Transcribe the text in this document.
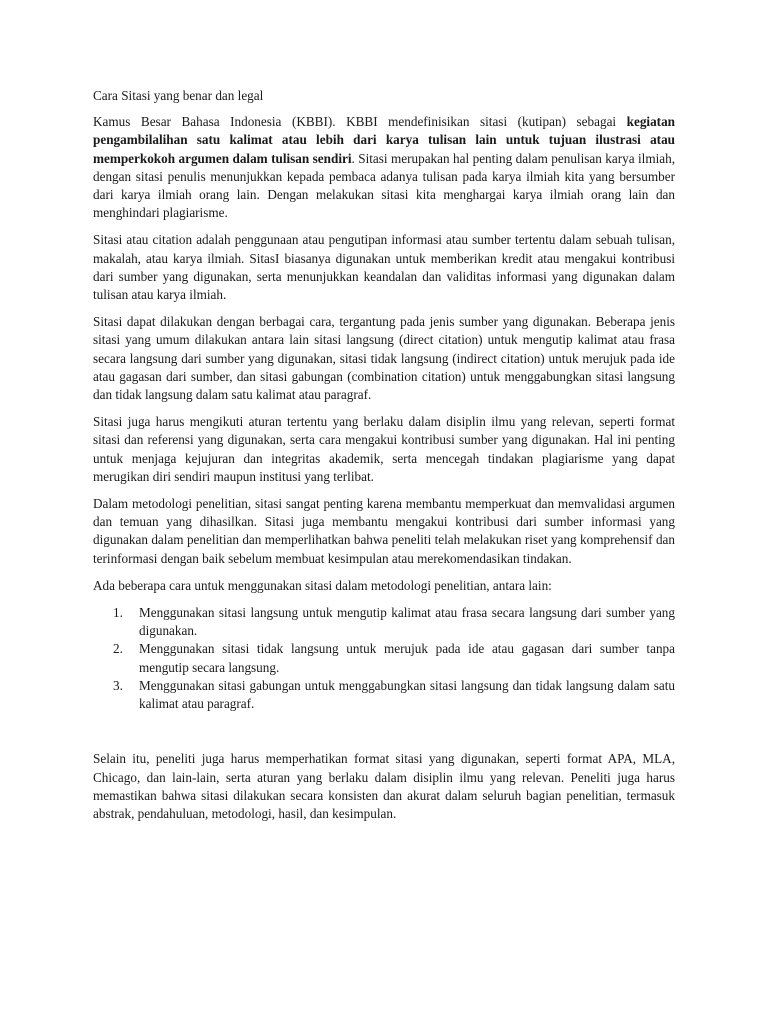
Cara Sitasi yang benar dan legal

Kamus Besar Bahasa Indonesia (KBBI). KBBI mendefinisikan sitasi (kutipan) sebagai kegiatan pengambilalihan satu kalimat atau lebih dari karya tulisan lain untuk tujuan ilustrasi atau memperkokoh argumen dalam tulisan sendiri. Sitasi merupakan hal penting dalam penulisan karya ilmiah, dengan sitasi penulis menunjukkan kepada pembaca adanya tulisan pada karya ilmiah kita yang bersumber dari karya ilmiah orang lain. Dengan melakukan sitasi kita menghargai karya ilmiah orang lain dan menghindari plagiarisme.

Sitasi atau citation adalah penggunaan atau pengutipan informasi atau sumber tertentu dalam sebuah tulisan, makalah, atau karya ilmiah. SitasI biasanya digunakan untuk memberikan kredit atau mengakui kontribusi dari sumber yang digunakan, serta menunjukkan keandalan dan validitas informasi yang digunakan dalam tulisan atau karya ilmiah.

Sitasi dapat dilakukan dengan berbagai cara, tergantung pada jenis sumber yang digunakan. Beberapa jenis sitasi yang umum dilakukan antara lain sitasi langsung (direct citation) untuk mengutip kalimat atau frasa secara langsung dari sumber yang digunakan, sitasi tidak langsung (indirect citation) untuk merujuk pada ide atau gagasan dari sumber, dan sitasi gabungan (combination citation) untuk menggabungkan sitasi langsung dan tidak langsung dalam satu kalimat atau paragraf.

Sitasi juga harus mengikuti aturan tertentu yang berlaku dalam disiplin ilmu yang relevan, seperti format sitasi dan referensi yang digunakan, serta cara mengakui kontribusi sumber yang digunakan. Hal ini penting untuk menjaga kejujuran dan integritas akademik, serta mencegah tindakan plagiarisme yang dapat merugikan diri sendiri maupun institusi yang terlibat.

Dalam metodologi penelitian, sitasi sangat penting karena membantu memperkuat dan memvalidasi argumen dan temuan yang dihasilkan. Sitasi juga membantu mengakui kontribusi dari sumber informasi yang digunakan dalam penelitian dan memperlihatkan bahwa peneliti telah melakukan riset yang komprehensif dan terinformasi dengan baik sebelum membuat kesimpulan atau merekomendasikan tindakan.

Ada beberapa cara untuk menggunakan sitasi dalam metodologi penelitian, antara lain:

1. Menggunakan sitasi langsung untuk mengutip kalimat atau frasa secara langsung dari sumber yang digunakan.
2. Menggunakan sitasi tidak langsung untuk merujuk pada ide atau gagasan dari sumber tanpa mengutip secara langsung.
3. Menggunakan sitasi gabungan untuk menggabungkan sitasi langsung dan tidak langsung dalam satu kalimat atau paragraf.

Selain itu, peneliti juga harus memperhatikan format sitasi yang digunakan, seperti format APA, MLA, Chicago, dan lain-lain, serta aturan yang berlaku dalam disiplin ilmu yang relevan. Peneliti juga harus memastikan bahwa sitasi dilakukan secara konsisten dan akurat dalam seluruh bagian penelitian, termasuk abstrak, pendahuluan, metodologi, hasil, dan kesimpulan.
